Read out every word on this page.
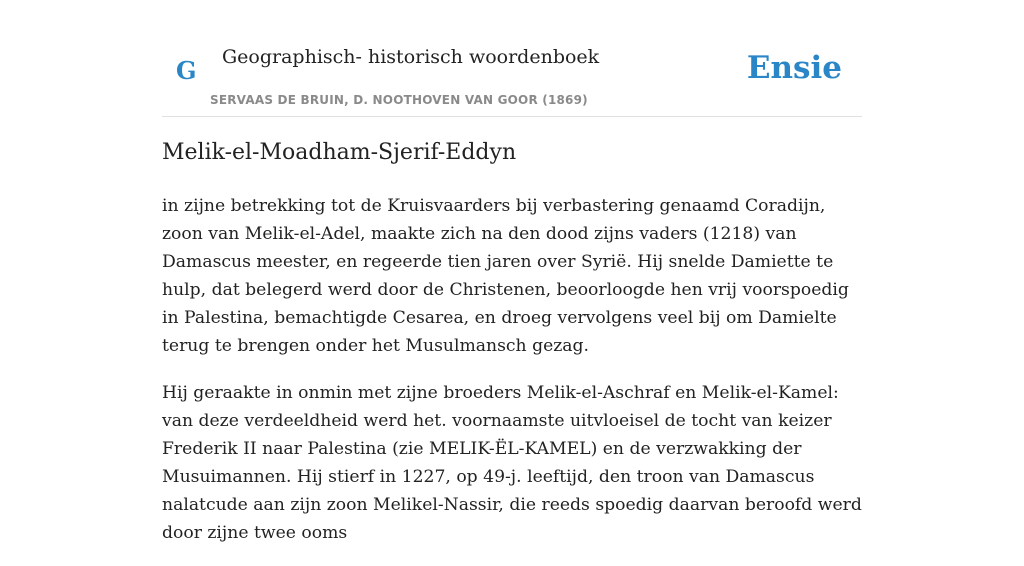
G Geographisch- historisch woordenboek
SERVAAS DE BRUIN, D. NOOTHOVEN VAN GOOR (1869)
Ensie
Melik-el-Moadham-Sjerif-Eddyn

in zijne betrekking tot de Kruisvaarders bij verbastering genaamd Coradijn, zoon van Melik-el-Adel, maakte zich na den dood zijns vaders (1218) van Damascus meester, en regeerde tien jaren over Syrië. Hij snelde Damiette te hulp, dat belegerd werd door de Christenen, beoorloogde hen vrij voorspoedig in Palestina, bemachtigde Cesarea, en droeg vervolgens veel bij om Damielte terug te brengen onder het Musulmansch gezag.

Hij geraakte in onmin met zijne broeders Melik-el-Aschraf en Melik-el-Kamel: van deze verdeeldheid werd het. voornaamste uitvloeisel de tocht van keizer Frederik II naar Palestina (zie MELIK-ËL-KAMEL) en de verzwakking der Musuimannen. Hij stierf in 1227, op 49-j. leeftijd, den troon van Damascus nalatcude aan zijn zoon Melikel-Nassir, die reeds spoedig daarvan beroofd werd door zijne twee ooms
